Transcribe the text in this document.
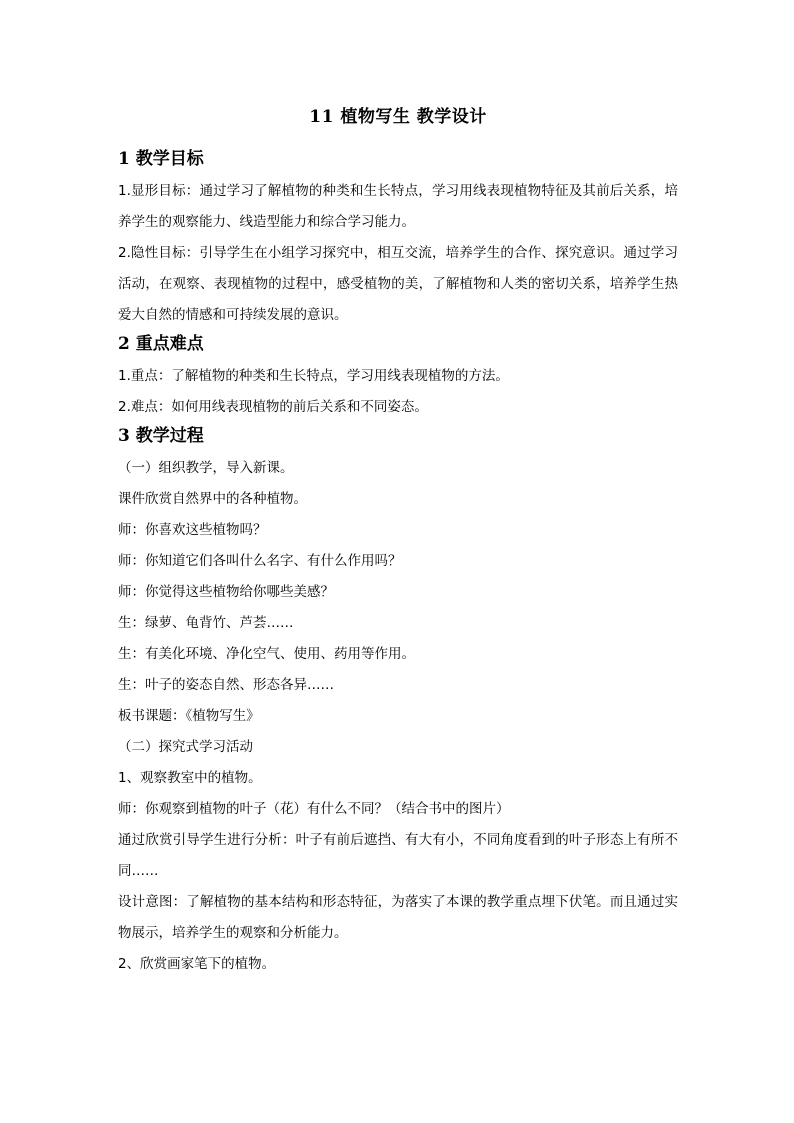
11 植物写生 教学设计
1 教学目标

1.显形目标：通过学习了解植物的种类和生长特点，学习用线表现植物特征及其前后关系，培养学生的观察能力、线造型能力和综合学习能力。

2.隐性目标：引导学生在小组学习探究中，相互交流，培养学生的合作、探究意识。通过学习活动，在观察、表现植物的过程中，感受植物的美，了解植物和人类的密切关系，培养学生热爱大自然的情感和可持续发展的意识。

2 重点难点

1.重点：了解植物的种类和生长特点，学习用线表现植物的方法。

2.难点：如何用线表现植物的前后关系和不同姿态。

3 教学过程

（一）组织教学，导入新课。

课件欣赏自然界中的各种植物。

师：你喜欢这些植物吗？

师：你知道它们各叫什么名字、有什么作用吗？

师：你觉得这些植物给你哪些美感？

生：绿萝、龟背竹、芦荟……

生：有美化环境、净化空气、使用、药用等作用。

生：叶子的姿态自然、形态各异……

板书课题：《植物写生》

（二）探究式学习活动

1、观察教室中的植物。

师：你观察到植物的叶子（花）有什么不同？（结合书中的图片）

通过欣赏引导学生进行分析：叶子有前后遮挡、有大有小，不同角度看到的叶子形态上有所不同……

设计意图：了解植物的基本结构和形态特征，为落实了本课的教学重点埋下伏笔。而且通过实物展示，培养学生的观察和分析能力。

2、欣赏画家笔下的植物。
